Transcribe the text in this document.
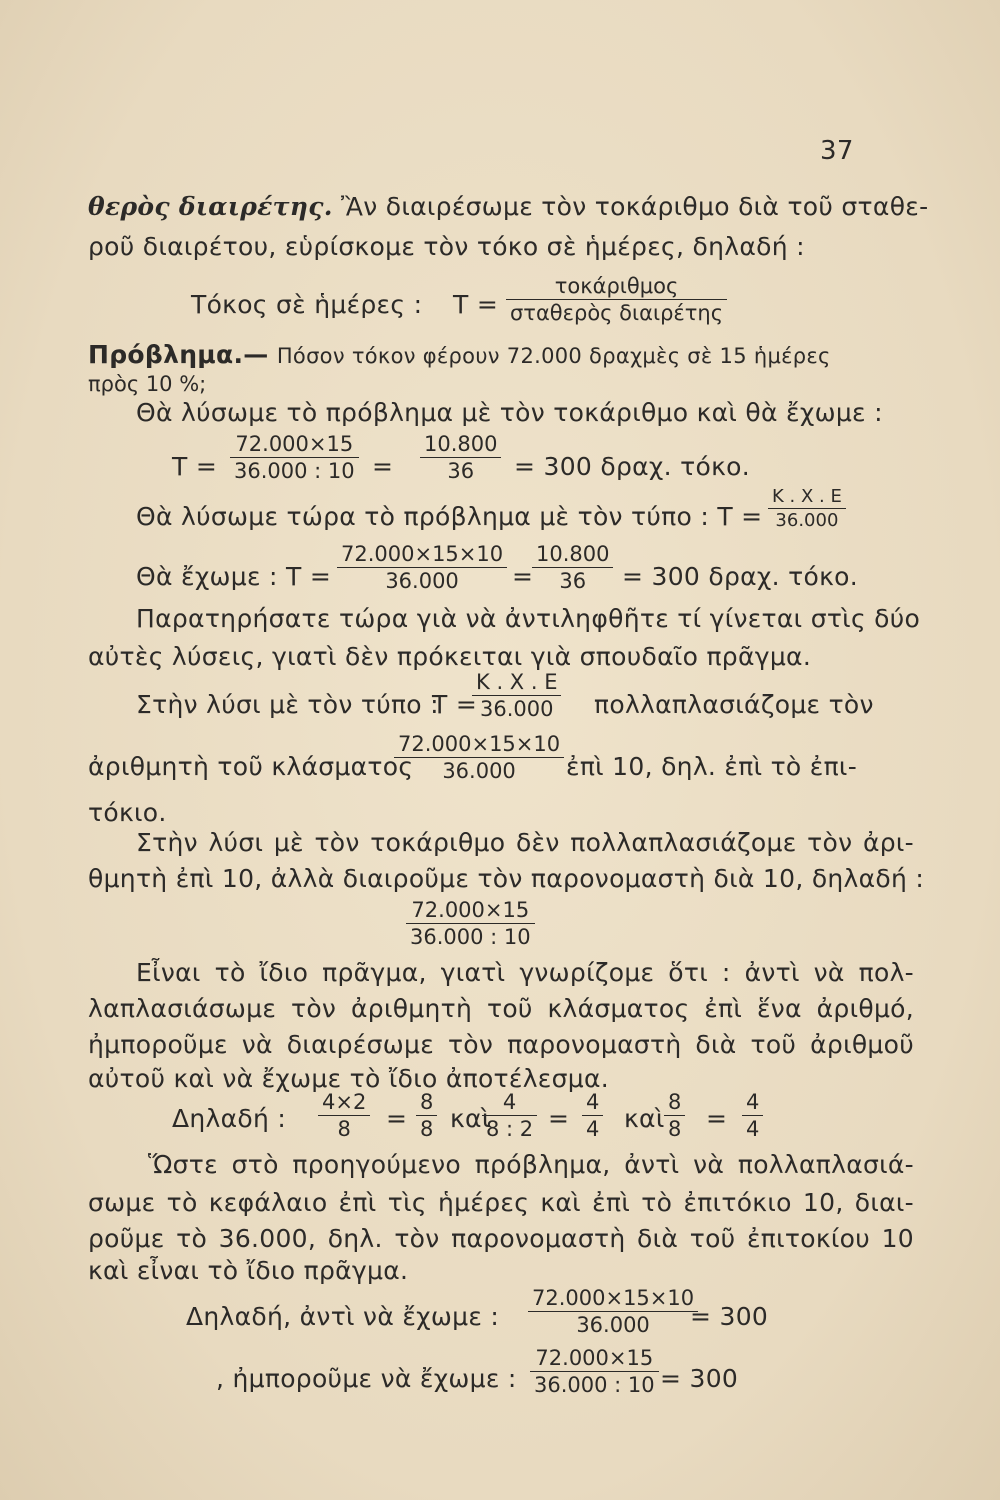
37
θερὸς διαιρέτης. Ἂν διαιρέσωμε τὸν τοκάριθμο διὰ τοῦ σταθε-
ροῦ διαιρέτου, εὑρίσκομε τὸν τόκο σὲ ἡμέρες, δηλαδή :
Τόκος σὲ ἡμέρες : Τ =
τοκάριθμος
σταθερὸς διαιρέτης
Πρόβλημα.— Πόσον τόκον φέρουν 72.000 δραχμὲς σὲ 15 ἡμέρες
πρὸς 10 %;
Θὰ λύσωμε τὸ πρόβλημα μὲ τὸν τοκάριθμο καὶ θὰ ἔχωμε :
$T = \frac{72.000\times 15}{36.000 : 10} = \frac{10.800}{36} = 300$ δραχ. τόκο.
Θὰ λύσωμε τώρα τὸ πρόβλημα μὲ τὸν τύπο : $T = \frac{K . X . E}{36.000}$
Θὰ ἔχωμε : $T = \frac{72.000\times 15\times 10}{36.000}$ =
$\frac{10.800}{36} = 300$ δραχ. τόκο.
Παρατηρήσατε τώρα γιὰ νὰ ἀντιληφθῆτε τί γίνεται στὶς δύο
αὐτὲς λύσεις, γιατὶ δὲν πρόκειται γιὰ σπουδαῖο πρᾶγμα.
Στὴν λύσι μὲ τὸν τύπο :
Τ =
$\frac{K . X . E}{36.000}$ πολλαπλασιάζομε τὸν
ἀριθμητὴ τοῦ κλάσματος
$\frac{72.000\times 15\times 10}{36.000}$ ἐπὶ 10, δηλ. ἐπὶ τὸ ἐπι-
τόκιο.
Στὴν λύσι μὲ τὸν τοκάριθμο δὲν πολλαπλασιάζομε τὸν ἀρι-
θμητὴ ἐπὶ 10, ἀλλὰ διαιροῦμε τὸν παρονομαστὴ διὰ 10, δηλαδή :
$\frac{72.000\times 15}{36.000 : 10}$
Εἶναι τὸ ἴδιο πρᾶγμα, γιατὶ γνωρίζομε ὅτι : ἀντὶ νὰ πολ-
λαπλασιάσωμε τὸν ἀριθμητὴ τοῦ κλάσματος ἐπὶ ἕνα ἀριθμό,
ἠμποροῦμε νὰ διαιρέσωμε τὸν παρονομαστὴ διὰ τοῦ ἀριθμοῦ
αὐτοῦ καὶ νὰ ἔχωμε τὸ ἴδιο ἀποτέλεσμα.
Δηλαδή : $\frac{4\times 2}{8} = \frac{8}{8}$ καὶ
$\frac{4}{8 : 2} = \frac{4}{4}$ καὶ $\frac{8}{8} = \frac{4}{4}$
Ὥστε στὸ προηγούμενο πρόβλημα, ἀντὶ νὰ πολλαπλασιά-
σωμε τὸ κεφάλαιο ἐπὶ τὶς ἡμέρες καὶ ἐπὶ τὸ ἐπιτόκιο 10, διαι-
ροῦμε τὸ 36.000, δηλ. τὸν παρονομαστὴ διὰ τοῦ ἐπιτοκίου 10
καὶ εἶναι τὸ ἴδιο πρᾶγμα.
Δηλαδή, ἀντὶ νὰ ἔχωμε : $\frac{72.000\times 15\times 10}{36.000}$
= 300
, ἠμποροῦμε νὰ ἔχωμε : $\frac{72.000\times 15}{36.000 : 10} = 300$
